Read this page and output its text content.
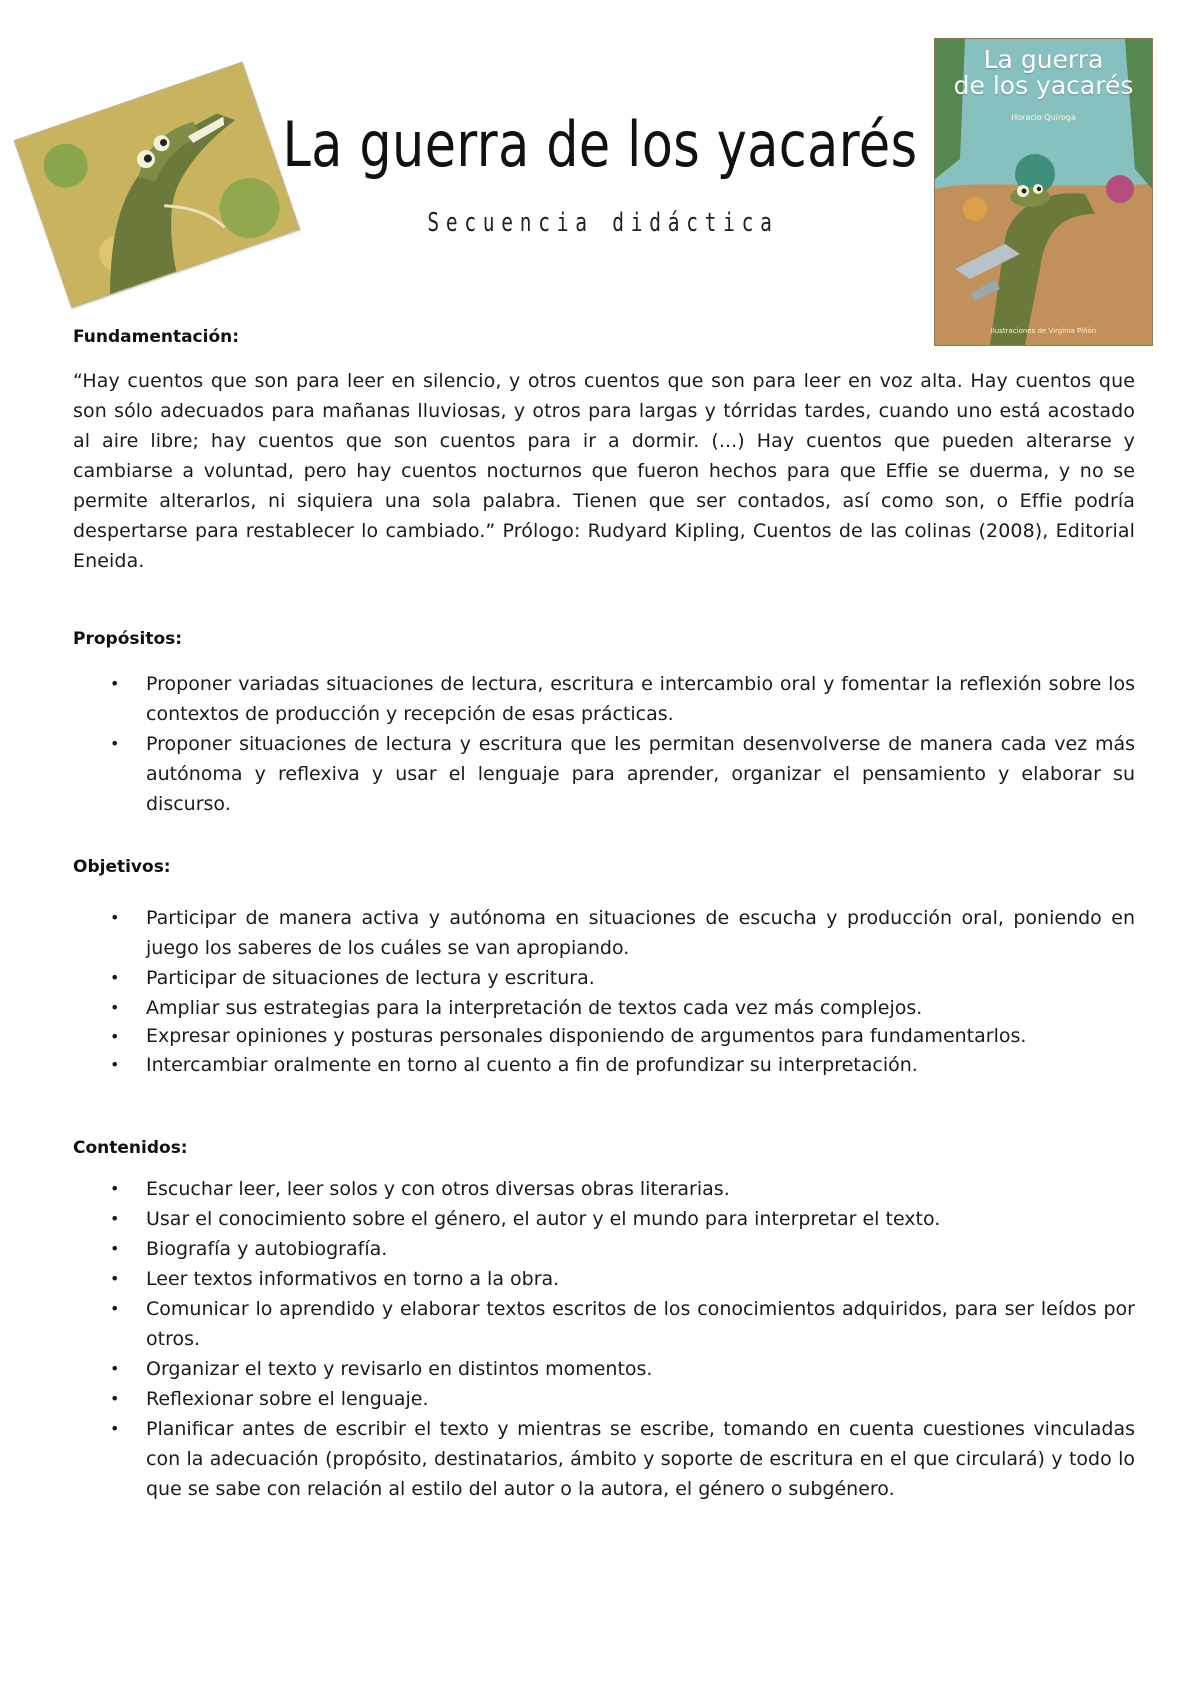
La guerra de los yacarés
Secuencia didáctica
La guerra
de los yacarés
Horacio Quiroga
Ilustraciones de Virginia Piñón
Fundamentación:

“Hay cuentos que son para leer en silencio, y otros cuentos que son para leer en voz alta. Hay cuentos que son sólo adecuados para mañanas lluviosas, y otros para largas y tórridas tardes, cuando uno está acostado al aire libre; hay cuentos que son cuentos para ir a dormir. (...) Hay cuentos que pueden alterarse y cambiarse a voluntad, pero hay cuentos nocturnos que fueron hechos para que Effie se duerma, y no se permite alterarlos, ni siquiera una sola palabra. Tienen que ser contados, así como son, o Effie podría despertarse para restablecer lo cambiado.” Prólogo: Rudyard Kipling, Cuentos de las colinas (2008), Editorial Eneida.

Propósitos:
• Proponer variadas situaciones de lectura, escritura e intercambio oral y fomentar la reflexión sobre los contextos de producción y recepción de esas prácticas.
• Proponer situaciones de lectura y escritura que les permitan desenvolverse de manera cada vez más autónoma y reflexiva y usar el lenguaje para aprender, organizar el pensamiento y elaborar su discurso.
Objetivos:
• Participar de manera activa y autónoma en situaciones de escucha y producción oral, poniendo en juego los saberes de los cuáles se van apropiando.
• Participar de situaciones de lectura y escritura.
• Ampliar sus estrategias para la interpretación de textos cada vez más complejos.
• Expresar opiniones y posturas personales disponiendo de argumentos para fundamentarlos.
• Intercambiar oralmente en torno al cuento a fin de profundizar su interpretación.
Contenidos:
• Escuchar leer, leer solos y con otros diversas obras literarias.
• Usar el conocimiento sobre el género, el autor y el mundo para interpretar el texto.
• Biografía y autobiografía.
• Leer textos informativos en torno a la obra.
• Comunicar lo aprendido y elaborar textos escritos de los conocimientos adquiridos, para ser leídos por otros.
• Organizar el texto y revisarlo en distintos momentos.
• Reflexionar sobre el lenguaje.
• Planificar antes de escribir el texto y mientras se escribe, tomando en cuenta cuestiones vinculadas con la adecuación (propósito, destinatarios, ámbito y soporte de escritura en el que circulará) y todo lo que se sabe con relación al estilo del autor o la autora, el género o subgénero.
